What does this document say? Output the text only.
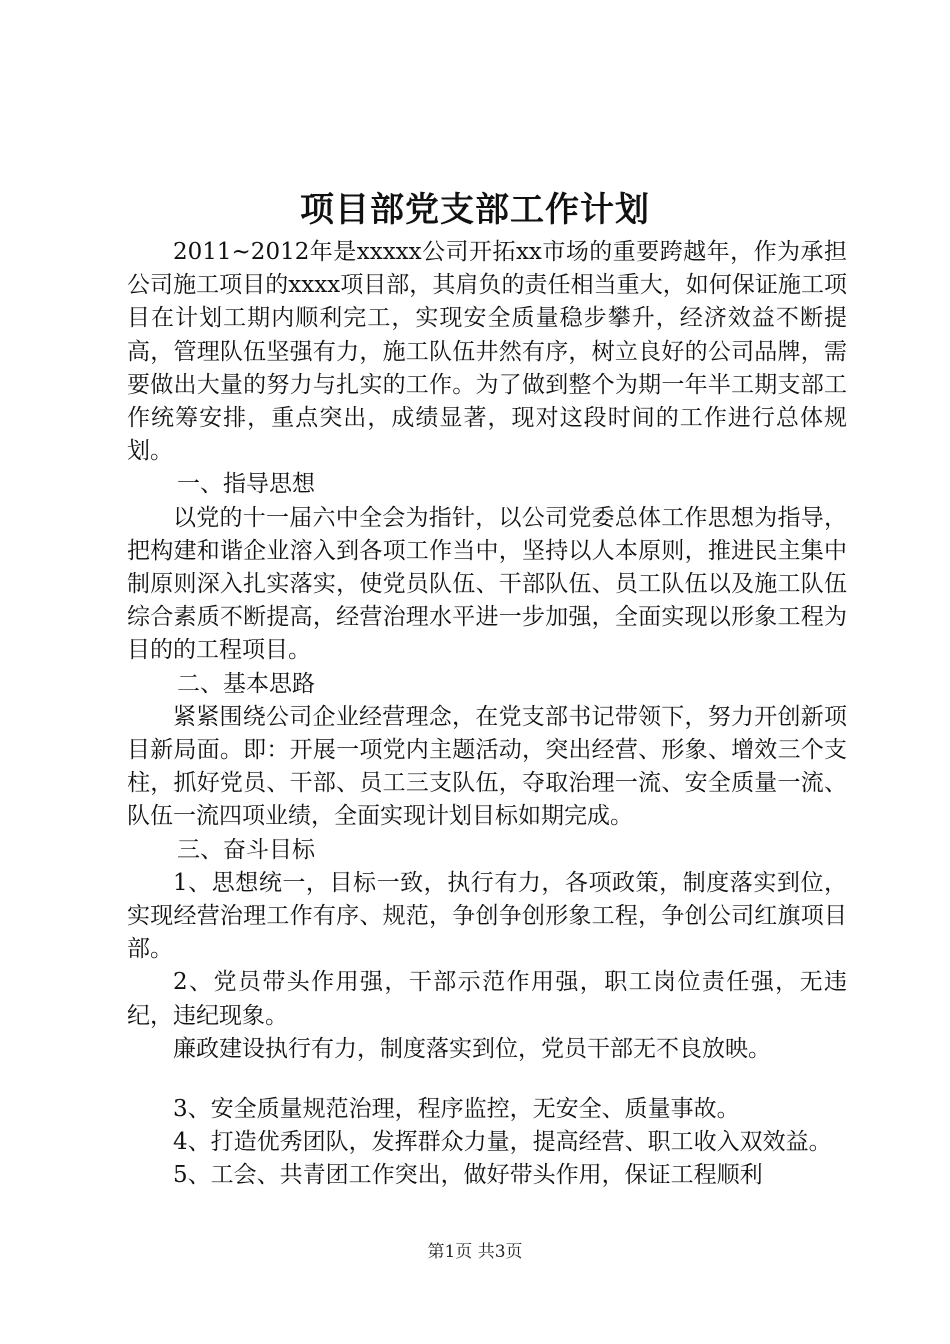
项目部党支部工作计划

2011~2012年是xxxxx公司开拓xx市场的重要跨越年，作为承担公司施工项目的xxxx项目部，其肩负的责任相当重大，如何保证施工项目在计划工期内顺利完工，实现安全质量稳步攀升，经济效益不断提高，管理队伍坚强有力，施工队伍井然有序，树立良好的公司品牌，需要做出大量的努力与扎实的工作。为了做到整个为期一年半工期支部工作统筹安排，重点突出，成绩显著，现对这段时间的工作进行总体规划。

一、指导思想

以党的十一届六中全会为指针，以公司党委总体工作思想为指导，把构建和谐企业溶入到各项工作当中，坚持以人本原则，推进民主集中制原则深入扎实落实，使党员队伍、干部队伍、员工队伍以及施工队伍综合素质不断提高，经营治理水平进一步加强，全面实现以形象工程为目的的工程项目。

二、基本思路

紧紧围绕公司企业经营理念，在党支部书记带领下，努力开创新项目新局面。即：开展一项党内主题活动，突出经营、形象、增效三个支柱，抓好党员、干部、员工三支队伍，夺取治理一流、安全质量一流、队伍一流四项业绩，全面实现计划目标如期完成。

三、奋斗目标

1、思想统一，目标一致，执行有力，各项政策，制度落实到位，实现经营治理工作有序、规范，争创争创形象工程，争创公司红旗项目部。

2、党员带头作用强，干部示范作用强，职工岗位责任强，无违纪，违纪现象。

廉政建设执行有力，制度落实到位，党员干部无不良放映。

3、安全质量规范治理，程序监控，无安全、质量事故。

4、打造优秀团队，发挥群众力量，提高经营、职工收入双效益。

5、工会、共青团工作突出，做好带头作用，保证工程顺利

第1页 共3页
